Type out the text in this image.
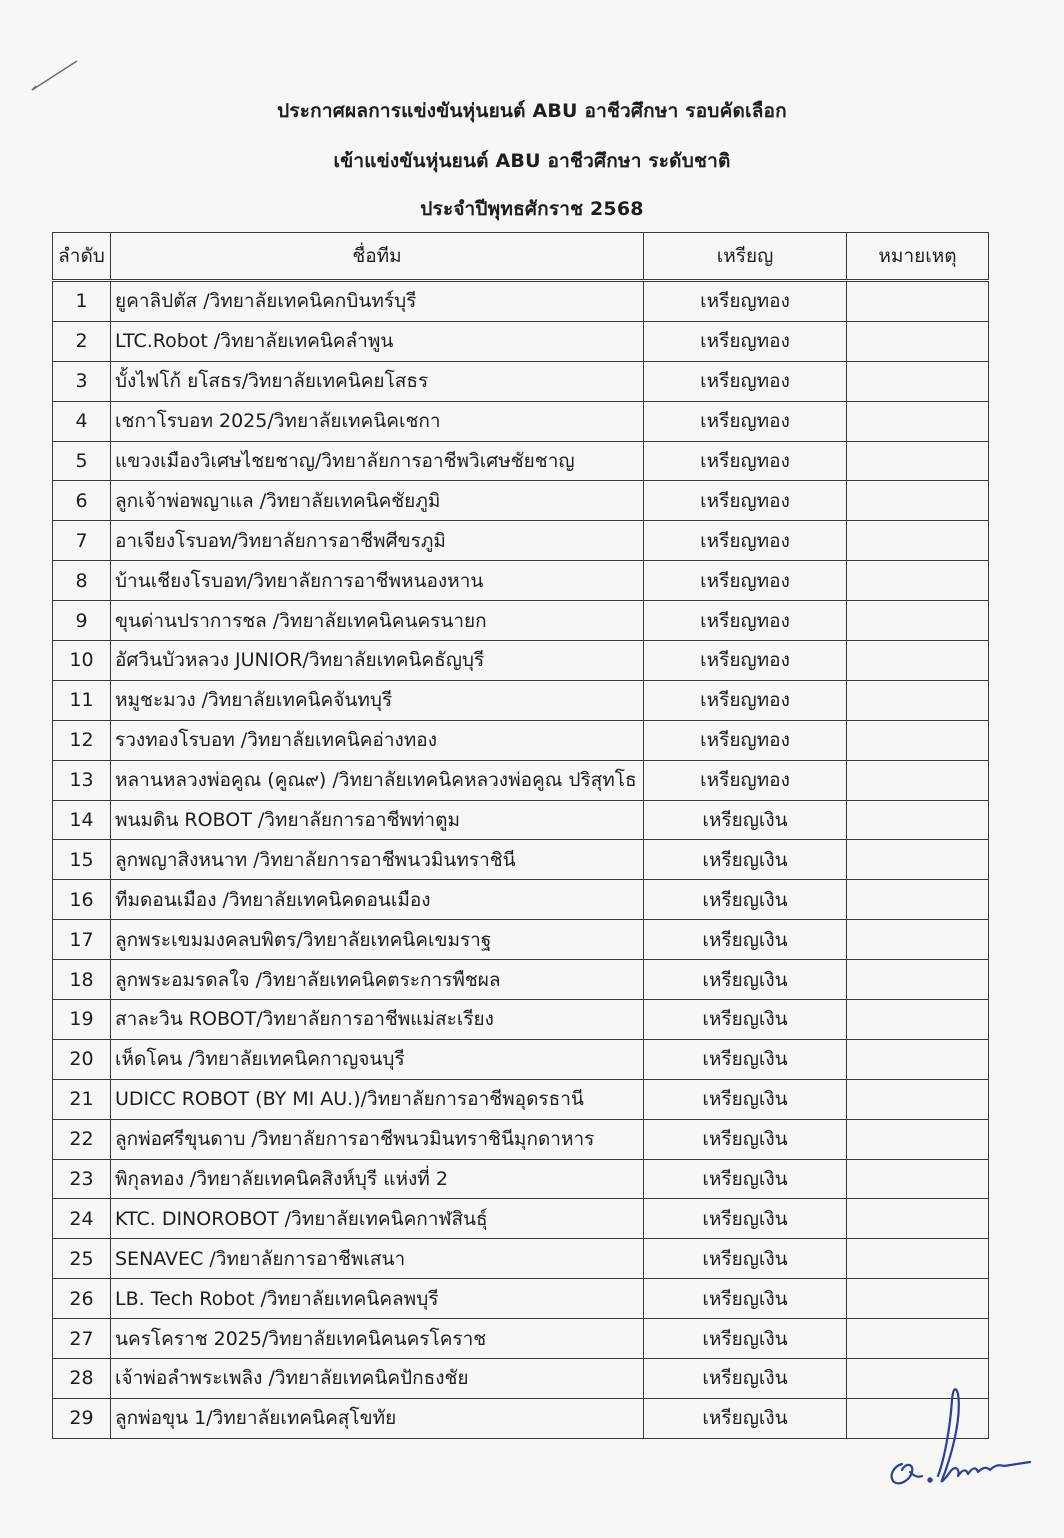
ประกาศผลการแข่งขันหุ่นยนต์ ABU อาชีวศึกษา รอบคัดเลือก
เข้าแข่งขันหุ่นยนต์ ABU อาชีวศึกษา ระดับชาติ
ประจำปีพุทธศักราช 2568
ลำดับ	ชื่อทีม	เหรียญ	หมายเหตุ
1	ยูคาลิปตัส /วิทยาลัยเทคนิคกบินทร์บุรี	เหรียญทอง	
2	LTC.Robot /วิทยาลัยเทคนิคลำพูน	เหรียญทอง	
3	บั้งไฟโก้ ยโสธร/วิทยาลัยเทคนิคยโสธร	เหรียญทอง	
4	เชกาโรบอท 2025/วิทยาลัยเทคนิคเชกา	เหรียญทอง	
5	แขวงเมืองวิเศษไชยชาญ/วิทยาลัยการอาชีพวิเศษชัยชาญ	เหรียญทอง	
6	ลูกเจ้าพ่อพญาแล /วิทยาลัยเทคนิคชัยภูมิ	เหรียญทอง	
7	อาเจียงโรบอท/วิทยาลัยการอาชีพศีขรภูมิ	เหรียญทอง	
8	บ้านเชียงโรบอท/วิทยาลัยการอาชีพหนองหาน	เหรียญทอง	
9	ขุนด่านปราการชล /วิทยาลัยเทคนิคนครนายก	เหรียญทอง	
10	อัศวินบัวหลวง JUNIOR/วิทยาลัยเทคนิคธัญบุรี	เหรียญทอง	
11	หมูชะมวง /วิทยาลัยเทคนิคจันทบุรี	เหรียญทอง	
12	รวงทองโรบอท /วิทยาลัยเทคนิคอ่างทอง	เหรียญทอง	
13	หลานหลวงพ่อคูณ (คูณ๙) /วิทยาลัยเทคนิคหลวงพ่อคูณ ปริสุทโธ	เหรียญทอง	
14	พนมดิน ROBOT /วิทยาลัยการอาชีพท่าตูม	เหรียญเงิน	
15	ลูกพญาสิงหนาท /วิทยาลัยการอาชีพนวมินทราชินี	เหรียญเงิน	
16	ทีมดอนเมือง /วิทยาลัยเทคนิคดอนเมือง	เหรียญเงิน	
17	ลูกพระเขมมงคลบพิตร/วิทยาลัยเทคนิคเขมราฐ	เหรียญเงิน	
18	ลูกพระอมรดลใจ /วิทยาลัยเทคนิคตระการพืชผล	เหรียญเงิน	
19	สาละวิน ROBOT/วิทยาลัยการอาชีพแม่สะเรียง	เหรียญเงิน	
20	เห็ดโคน /วิทยาลัยเทคนิคกาญจนบุรี	เหรียญเงิน	
21	UDICC ROBOT (BY MI AU.)/วิทยาลัยการอาชีพอุดรธานี	เหรียญเงิน	
22	ลูกพ่อศรีขุนดาบ /วิทยาลัยการอาชีพนวมินทราชินีมุกดาหาร	เหรียญเงิน	
23	พิกุลทอง /วิทยาลัยเทคนิคสิงห์บุรี แห่งที่ 2	เหรียญเงิน	
24	KTC. DINOROBOT /วิทยาลัยเทคนิคกาฬสินธุ์	เหรียญเงิน	
25	SENAVEC /วิทยาลัยการอาชีพเสนา	เหรียญเงิน	
26	LB. Tech Robot /วิทยาลัยเทคนิคลพบุรี	เหรียญเงิน	
27	นครโคราช 2025/วิทยาลัยเทคนิคนครโคราช	เหรียญเงิน	
28	เจ้าพ่อลำพระเพลิง /วิทยาลัยเทคนิคปักธงชัย	เหรียญเงิน	
29	ลูกพ่อขุน 1/วิทยาลัยเทคนิคสุโขทัย	เหรียญเงิน	
